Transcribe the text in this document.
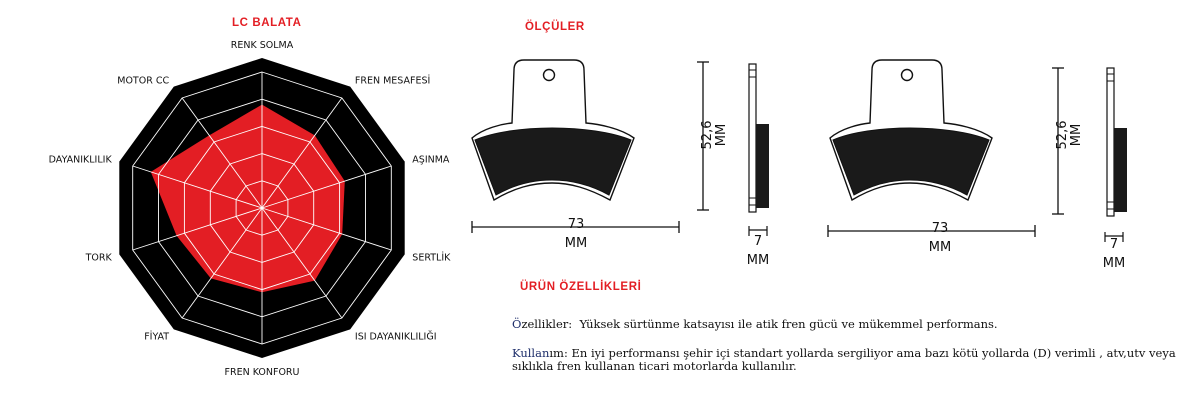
LC BALATA	ÖLÇÜLER
ÜRÜN ÖZELLİKLERİ
RENK SOLMA
FREN MESAFESİ
AŞINMA
SERTLİK
ISI DAYANIKLILIĞI
FREN KONFORU
FİYAT
TORK
DAYANIKLILIK
MOTOR CC
52,6 MM
73
MM	7
MM
52,6 MM
73
MM	7
MM
Özellikler: Yüksek sürtünme katsayısı ile atik fren gücü ve mükemmel performans.
Kullanım: En iyi performansı şehir içi standart yollarda sergiliyor ama bazı kötü yollarda (D) verimli , atv,utv veya sıklıkla fren kullanan ticari motorlarda kullanılır.
